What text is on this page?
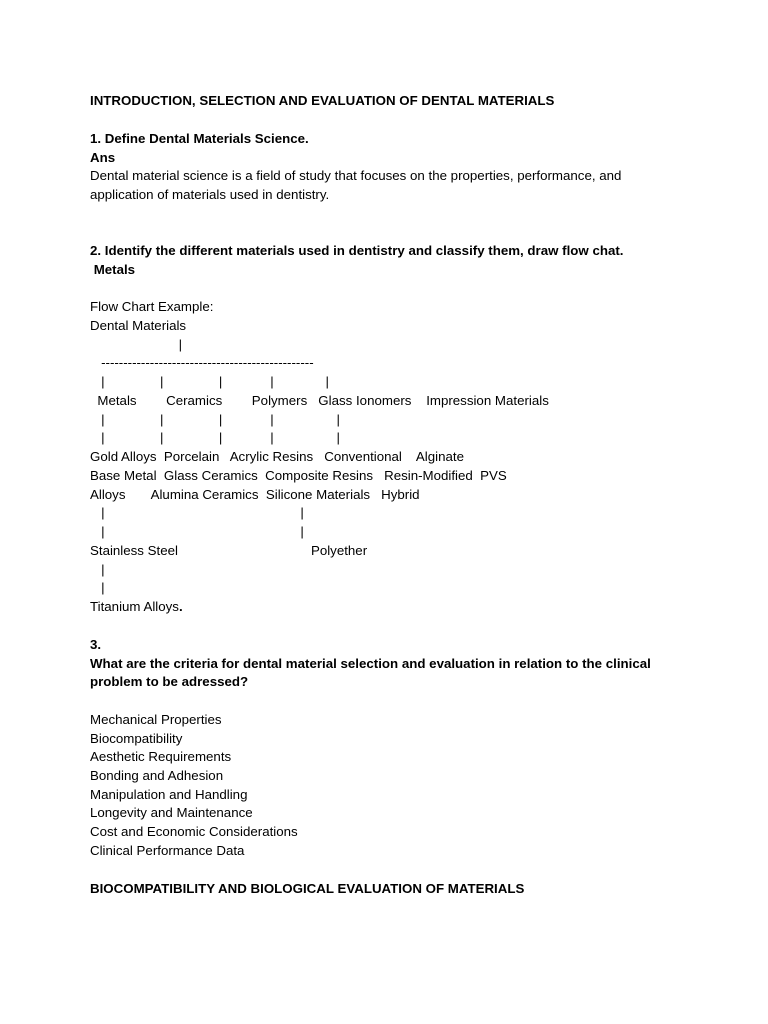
INTRODUCTION, SELECTION AND EVALUATION OF DENTAL MATERIALS

1. Define Dental Materials Science.

Ans

Dental material science is a field of study that focuses on the properties, performance, and

application of materials used in dentistry.

2. Identify the different materials used in dentistry and classify them, draw flow chat.

Metals

Flow Chart Example:

Dental Materials

|

------------------------------------------------

|               |               |             |              |

Metals        Ceramics        Polymers   Glass Ionomers    Impression Materials

|               |               |             |                 |

|               |               |             |                 |

Gold Alloys  Porcelain   Acrylic Resins   Conventional    Alginate

Base Metal  Glass Ceramics  Composite Resins   Resin-Modified  PVS

Alloys       Alumina Ceramics  Silicone Materials   Hybrid

|                                                     |

|                                                     |

Stainless Steel                                    Polyether

|

|

Titanium Alloys.

3.

What are the criteria for dental material selection and evaluation in relation to the clinical

problem to be adressed?

Mechanical Properties

Biocompatibility

Aesthetic Requirements

Bonding and Adhesion

Manipulation and Handling

Longevity and Maintenance

Cost and Economic Considerations

Clinical Performance Data

BIOCOMPATIBILITY AND BIOLOGICAL EVALUATION OF MATERIALS
